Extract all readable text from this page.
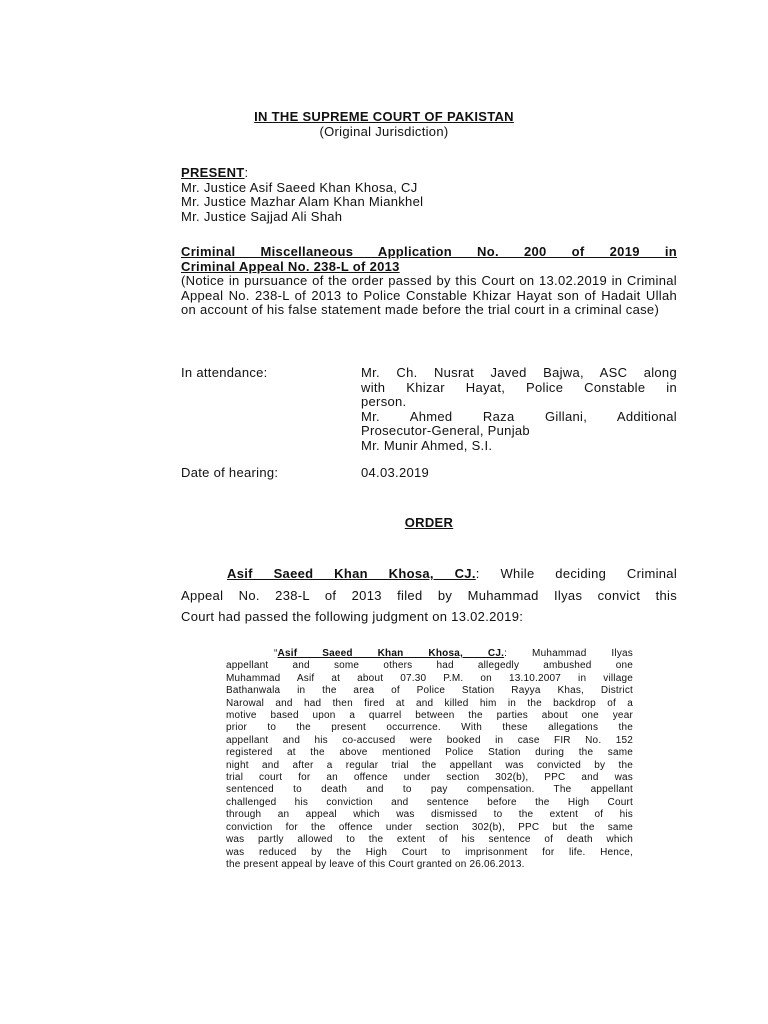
IN THE SUPREME COURT OF PAKISTAN
(Original Jurisdiction)
PRESENT:
Mr. Justice Asif Saeed Khan Khosa, CJ
Mr. Justice Mazhar Alam Khan Miankhel
Mr. Justice Sajjad Ali Shah
Criminal Miscellaneous Application No. 200 of 2019 in
Criminal Appeal No. 238-L of 2013
(Notice in pursuance of the order passed by this Court on 13.02.2019 in Criminal Appeal No. 238-L of 2013 to Police Constable Khizar Hayat son of Hadait Ullah on account of his false statement made before the trial court in a criminal case)
In attendance:	Mr. Ch. Nusrat Javed Bajwa, ASC along
with Khizar Hayat, Police Constable in
person.
Mr. Ahmed Raza Gillani, Additional
Prosecutor-General, Punjab
Mr. Munir Ahmed, S.I.
Date of hearing:	04.03.2019
ORDER
Asif Saeed Khan Khosa, CJ.: While deciding Criminal
Appeal No. 238-L of 2013 filed by Muhammad Ilyas convict this
Court had passed the following judgment on 13.02.2019:
“Asif Saeed Khan Khosa, CJ.: Muhammad Ilyas
appellant and some others had allegedly ambushed one
Muhammad Asif at about 07.30 P.M. on 13.10.2007 in village
Bathanwala in the area of Police Station Rayya Khas, District
Narowal and had then fired at and killed him in the backdrop of a
motive based upon a quarrel between the parties about one year
prior to the present occurrence. With these allegations the
appellant and his co-accused were booked in case FIR No. 152
registered at the above mentioned Police Station during the same
night and after a regular trial the appellant was convicted by the
trial court for an offence under section 302(b), PPC and was
sentenced to death and to pay compensation. The appellant
challenged his conviction and sentence before the High Court
through an appeal which was dismissed to the extent of his
conviction for the offence under section 302(b), PPC but the same
was partly allowed to the extent of his sentence of death which
was reduced by the High Court to imprisonment for life. Hence,
the present appeal by leave of this Court granted on 26.06.2013.
